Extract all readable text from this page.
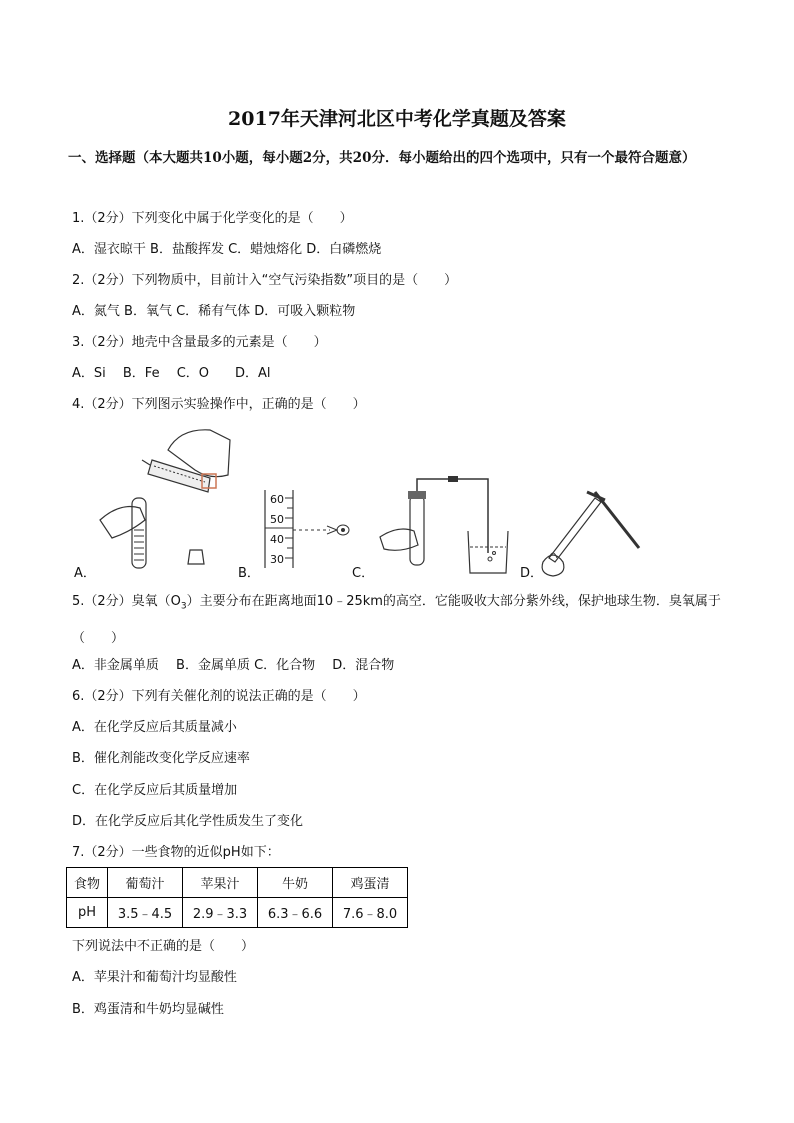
2017年天津河北区中考化学真题及答案
一、选择题（本大题共10小题，每小题2分，共20分．每小题给出的四个选项中，只有一个最符合题意）
1.（2分）下列变化中属于化学变化的是（　　）
A．湿衣晾干 B．盐酸挥发 C．蜡烛熔化 D．白磷燃烧
2.（2分）下列物质中，目前计入“空气污染指数”项目的是（　　）
A．氮气 B．氧气 C．稀有气体 D．可吸入颗粒物
3.（2分）地壳中含量最多的元素是（　　）
A．Si　 B．Fe　 C．O　　D．Al
4.（2分）下列图示实验操作中，正确的是（　　）
A．
60
50
40
30
B．	C．	D．
5.（2分）臭氧$(O_3)$主要分布在距离地面10﹣25km的高空．它能吸收大部分紫外线，保护地球生物．臭氧属于（　　）
A．非金属单质　 B．金属单质 C．化合物　 D．混合物
6.（2分）下列有关催化剂的说法正确的是（　　）
A．在化学反应后其质量减小
B．催化剂能改变化学反应速率
C．在化学反应后其质量增加
D．在化学反应后其化学性质发生了变化
7.（2分）一些食物的近似pH如下：
食物	葡萄汁	苹果汁	牛奶	鸡蛋清
pH	3.5﹣4.5	2.9﹣3.3	6.3﹣6.6	7.6﹣8.0
下列说法中不正确的是（　　）
A．苹果汁和葡萄汁均显酸性
B．鸡蛋清和牛奶均显碱性
